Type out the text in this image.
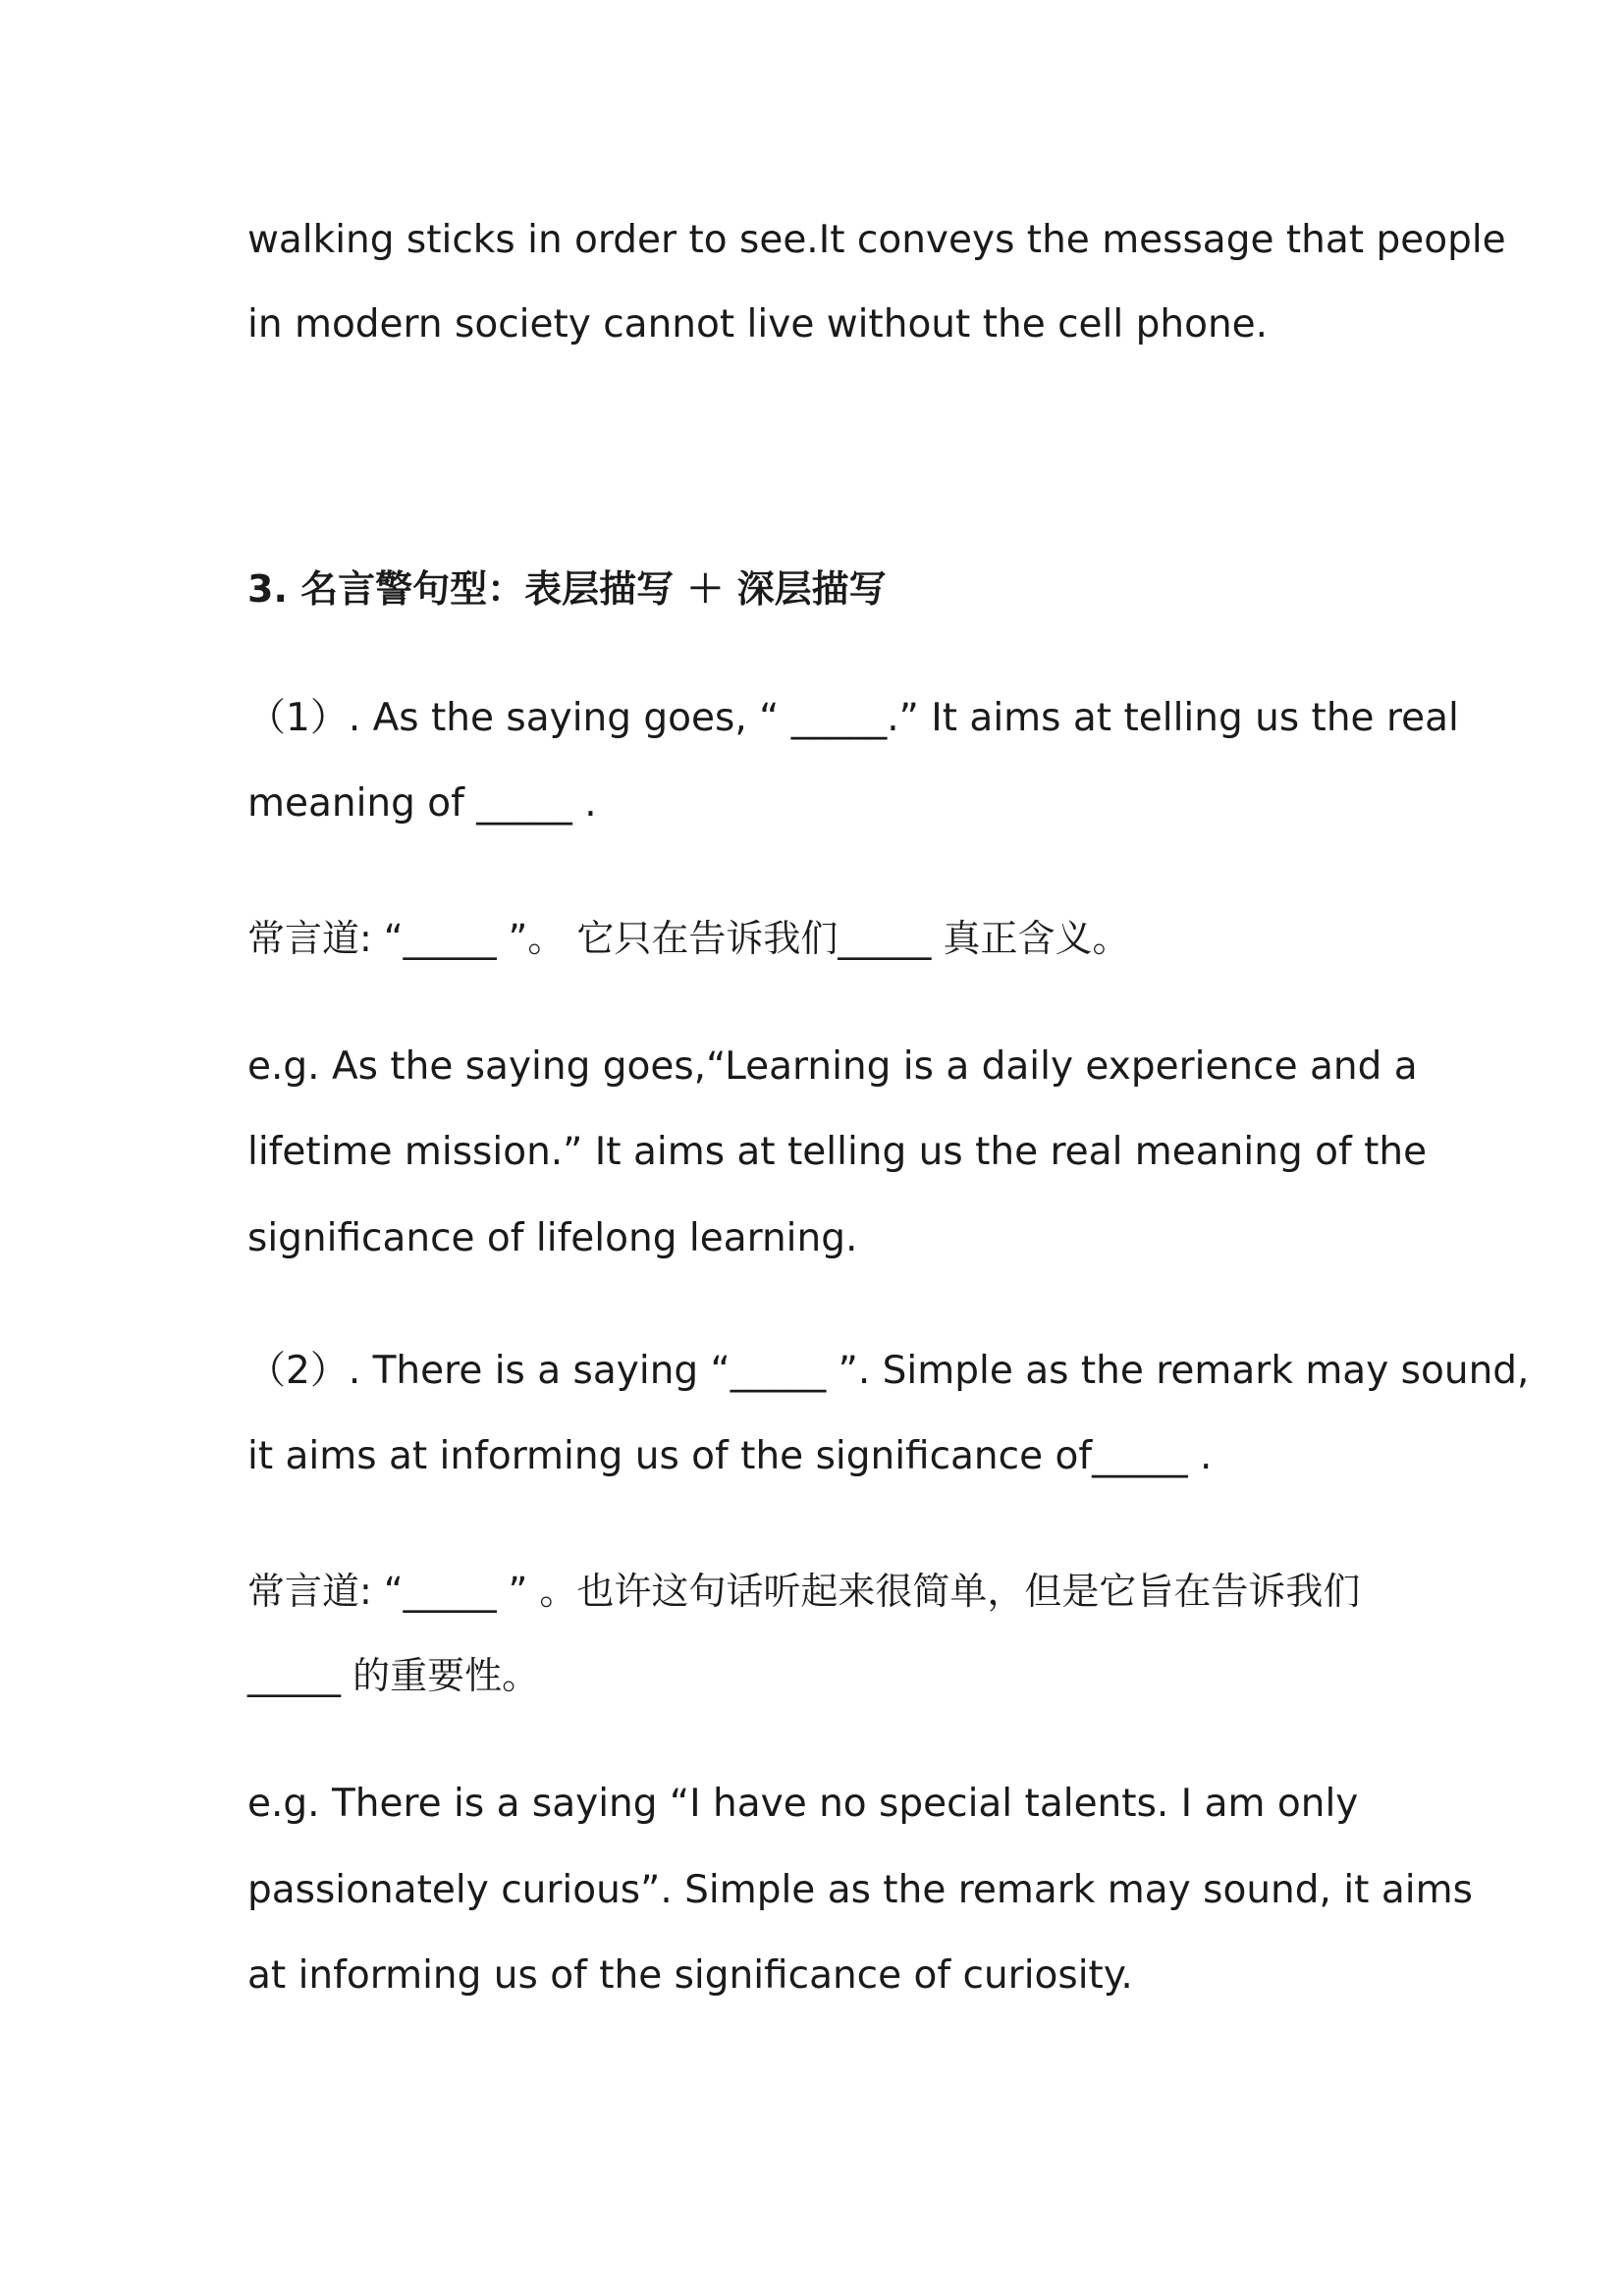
walking sticks in order to see.It conveys the message that people
in modern society cannot live without the cell phone.
3. 名言警句型：表层描写 ＋ 深层描写
（1）. As the saying goes, “ _____.” It aims at telling us the real
meaning of _____ .
常言道: “_____ ”。 它只在告诉我们_____ 真正含义。
e.g. As the saying goes,“Learning is a daily experience and a
lifetime mission.” It aims at telling us the real meaning of the
significance of lifelong learning.
（2）. There is a saying “_____ ”. Simple as the remark may sound,
it aims at informing us of the significance of_____ .
常言道: “_____ ” 。也许这句话听起来很简单，但是它旨在告诉我们
_____ 的重要性。
e.g. There is a saying “I have no special talents. I am only
passionately curious”. Simple as the remark may sound, it aims
at informing us of the significance of curiosity.
